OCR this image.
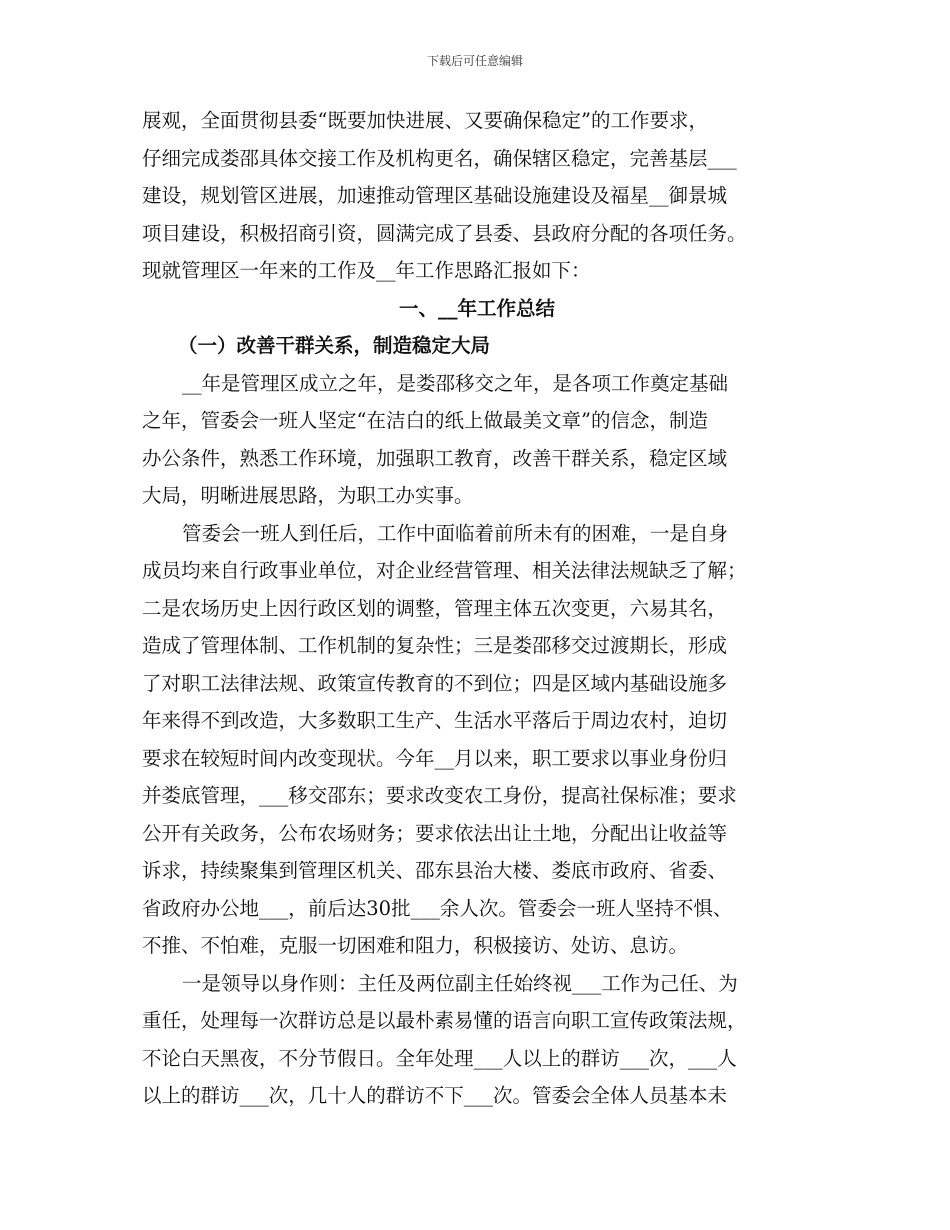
下载后可任意编辑
展观，全面贯彻县委“既要加快进展、又要确保稳定”的工作要求，
仔细完成娄邵具体交接工作及机构更名，确保辖区稳定，完善基层___
建设，规划管区进展，加速推动管理区基础设施建设及福星__御景城
项目建设，积极招商引资，圆满完成了县委、县政府分配的各项任务。
现就管理区一年来的工作及__年工作思路汇报如下：
一、__年工作总结
（一）改善干群关系，制造稳定大局
__年是管理区成立之年，是娄邵移交之年，是各项工作奠定基础
之年，管委会一班人坚定“在洁白的纸上做最美文章”的信念，制造
办公条件，熟悉工作环境，加强职工教育，改善干群关系，稳定区域
大局，明晰进展思路，为职工办实事。
管委会一班人到任后，工作中面临着前所未有的困难，一是自身
成员均来自行政事业单位，对企业经营管理、相关法律法规缺乏了解；
二是农场历史上因行政区划的调整，管理主体五次变更，六易其名，
造成了管理体制、工作机制的复杂性；三是娄邵移交过渡期长，形成
了对职工法律法规、政策宣传教育的不到位；四是区域内基础设施多
年来得不到改造，大多数职工生产、生活水平落后于周边农村，迫切
要求在较短时间内改变现状。今年__月以来，职工要求以事业身份归
并娄底管理，___移交邵东；要求改变农工身份，提高社保标准；要求
公开有关政务，公布农场财务；要求依法出让土地，分配出让收益等
诉求，持续聚集到管理区机关、邵东县治大楼、娄底市政府、省委、
省政府办公地___，前后达30批___余人次。管委会一班人坚持不惧、
不推、不怕难，克服一切困难和阻力，积极接访、处访、息访。
一是领导以身作则：主任及两位副主任始终视___工作为己任、为
重任，处理每一次群访总是以最朴素易懂的语言向职工宣传政策法规，
不论白天黑夜，不分节假日。全年处理___人以上的群访___次，___人
以上的群访___次，几十人的群访不下___次。管委会全体人员基本未
